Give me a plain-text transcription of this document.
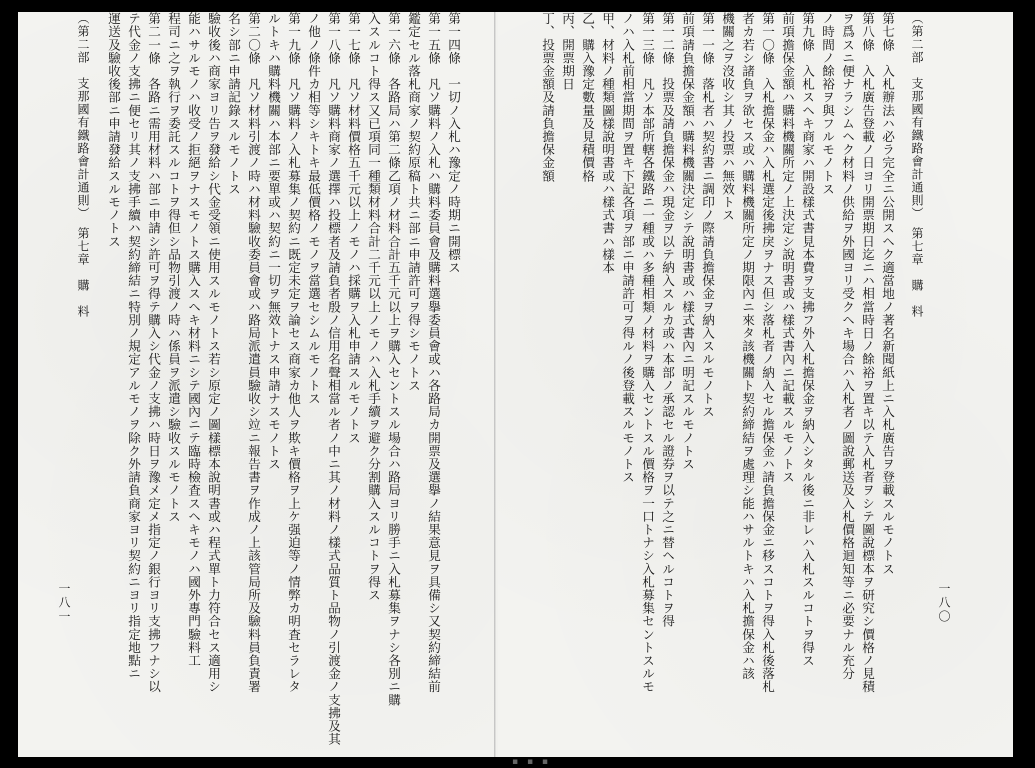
一八一
運送及驗收後部ニ申請發給スルモノトス テ代金ノ支拂ニ便セリ其ノ支拂手續ハ契約締結ニ特別ノ規定アルモノヲ除ク外請負商家ヨリ契約ニヨリ指定地點ニ 第二一條　各路ニ需用材料ハ部ニ申請シ許可ヲ得テ購入シ代金ノ支拂ハ時日ヲ豫メ定メ指定ノ銀行ヨリ支拂フナシ以 程司ニ之ヲ執行ヲ委託スルコトヲ得但シ品物引渡ノ時ハ係員ヲ派遣シ驗收スルモノトス 能ハサルモノハ收受ノ拒絕ヲナスモノトス購入スヘキ材料ニシテ國內ニテ臨時檢査スヘキモノハ國外專門驗料工 驗收後ハ商家ヨリ告ヲ發給シ代金受領ニ使用スルモノトス若シ原定ノ圖樣標本說明書或ハ程式單ト力符合セス適用シ 名シ部ニ申請記錄スルモノトス 第二〇條　凡ソ材料引渡ノ時ハ材料驗收委員會或ハ路局派遣員驗收シ竝ニ報告書ヲ作成ノ上該管局所及驗料員負責署 ルトキハ購料機關ハ本部ニ要單或ハ契約ニ一切ヲ無效トナス申請ナスモノトス 第一九條　凡ソ購料ノ入札募集ノ契約ニ既定未定ヲ論セス商家カ他人ヲ欺キ價格ヲ上ケ强迫等ノ情弊カ明査セラレタ ノ他ノ條件カ相等シキトキ最低價格ノモノヲ當選セシムルモノトス 第一八條　凡ソ購料商家ノ選擇ハ投標者及請負者殷ノ信用名聲相當ル者ノ中ニ其ノ材料ノ樣式品質ト品物ノ引渡金ノ支拂及其 第一七條　凡ソ材料價格五千元以上ノモノハ採購ヲ入札申請スルモノトス 入スルコト得ス又已項同一種類材料合計二千元以上ノモノハ入札手續ヲ避ク分割購入スルコトヲ得ス 第一六條　各路局ハ第二條乙項ノ材料合計五千元以上ヲ購入セントスル場合ハ路局ヨリ勝手ニ入札募集ヲナシ各別ニ購 鑑定セル落札商家ノ契約原稿ト共ニ部ニ申請許可ヲ得シモノトス 第一五條　凡ソ購料ノ入札ハ購料委員會及購料選擧委員會或ハ各路局カ開票及選擧ノ結果意見ヲ具備シ又契約締結前 第一四條　一切ノ入札ハ豫定ノ時期ニ開標ス
（第二部　支那國有鐵路會計通則）　第七章　購　料
一八〇
丁、投票金額及請負擔保金額 丙、開票期日 乙、購入豫定數量及見積價格 甲、材料ノ種類圖樣說明書或ハ樣式書ハ樣本 ノハ入札前相當期間ヲ置キ下記各項ヲ部ニ申請許可ヲ得ルノ後登載スルモノトス 第一三條　凡ソ本部所轄各鐵路ニ一種或ハ多種相類ノ材料ヲ購入セントスル價格ヲ一口トナシ入札募集セントスルモ 第一二條　投票及請負擔保金ハ現金ヲ以テ納入スルカ或ハ本部ノ承認セル證券ヲ以テ之ニ替ヘルコトヲ得 前項請負擔保金額ハ購料機關決定シテ說明書或ハ樣式書內ニ明記スルモノトス 第一一條　落札者ハ契約書ニ調印ノ際請負擔保金ヲ納入スルモノトス 機關之ヲ沒收シ其ノ投票ハ無效トス 者カ若シ諸負ヲ欲セス或ハ購料機關所定ノ期限內ニ來タ該機關ト契約締結ヲ處理シ能ハサルトキハ入札擔保金ハ該 第一〇條　入札擔保金ハ入札選定後拂戾ヲナス但シ落札者ノ納入セル擔保金ハ請負擔保金ニ移スコトヲ得入札後落札 前項擔保金額ハ購料機關所定ノ上決定シ說明書或ハ樣式書內ニ記載スルモノトス 第九條　入札スヘキ商家ハ開設樣式書見本費ヲ支拂フ外入札擔保金ヲ納入シタル後ニ非レハ入札スルコトヲ得ス ノ時間ノ餘裕ヲ與フルモノトス ヲ爲スニ便ナラシムヘク材料ノ供給ヲ外國ヨリ受クヘキ場合ハ入札者ノ圖說郵送及入札價格迴知等ニ必要ナル充分 第八條　入札廣告登載ノ日ヨリ開票期日迄ニハ相當時日ノ餘裕ヲ置キ以テ入札者ヲシテ圖說標本ヲ研究シ價格ノ見積 第七條　入札辦法ハ必ラ完全ニ公開スヘク適當地ノ著名新聞紙上ニ入札廣告ヲ登載スルモノトス （第二部　支那國有鐵路會計通則）　第七章　購　料
▪ ▪ ▪
